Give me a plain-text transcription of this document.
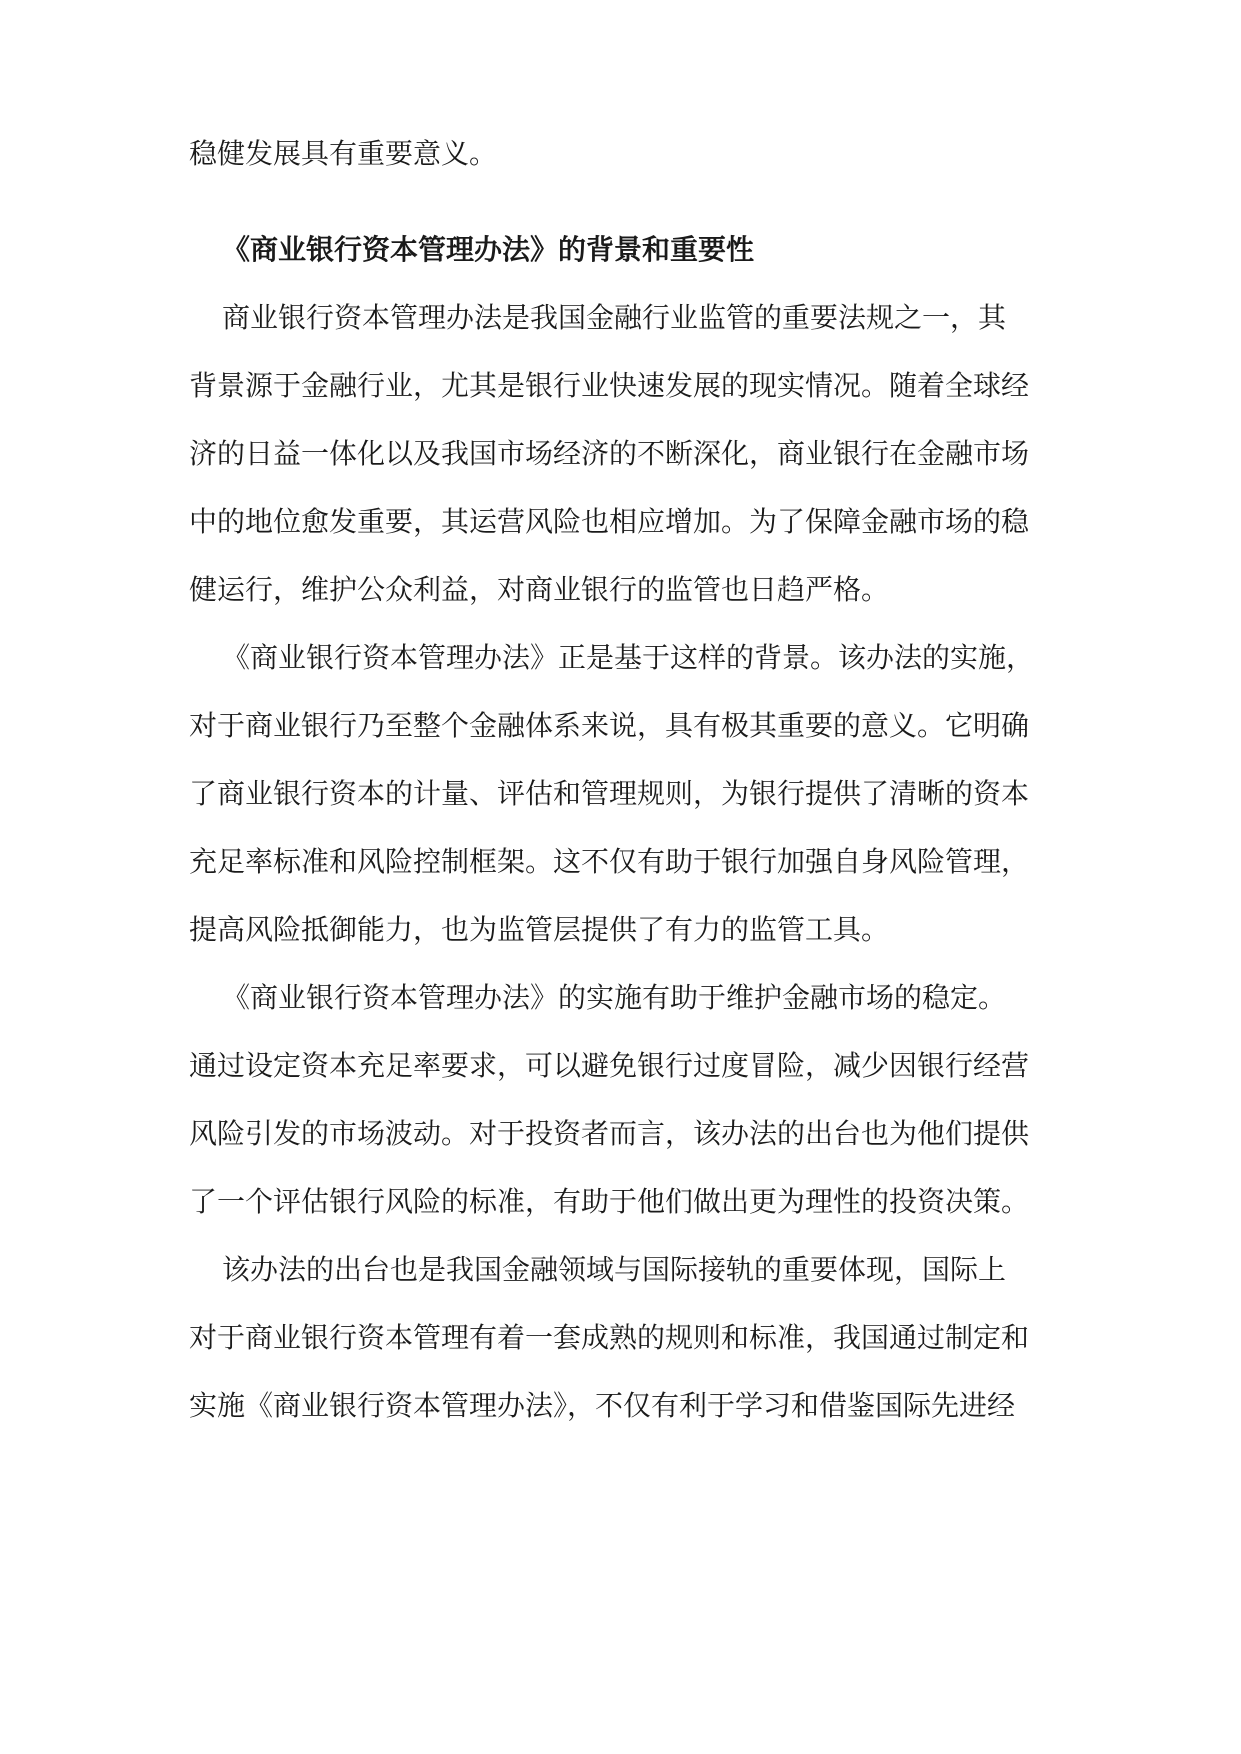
稳健发展具有重要意义。
《商业银行资本管理办法》的背景和重要性
商业银行资本管理办法是我国金融行业监管的重要法规之一，其
背景源于金融行业，尤其是银行业快速发展的现实情况。随着全球经
济的日益一体化以及我国市场经济的不断深化，商业银行在金融市场
中的地位愈发重要，其运营风险也相应增加。为了保障金融市场的稳
健运行，维护公众利益，对商业银行的监管也日趋严格。
《商业银行资本管理办法》正是基于这样的背景。该办法的实施，
对于商业银行乃至整个金融体系来说，具有极其重要的意义。它明确
了商业银行资本的计量、评估和管理规则，为银行提供了清晰的资本
充足率标准和风险控制框架。这不仅有助于银行加强自身风险管理，
提高风险抵御能力，也为监管层提供了有力的监管工具。
《商业银行资本管理办法》的实施有助于维护金融市场的稳定。
通过设定资本充足率要求，可以避免银行过度冒险，减少因银行经营
风险引发的市场波动。对于投资者而言，该办法的出台也为他们提供
了一个评估银行风险的标准，有助于他们做出更为理性的投资决策。
该办法的出台也是我国金融领域与国际接轨的重要体现，国际上
对于商业银行资本管理有着一套成熟的规则和标准，我国通过制定和
实施《商业银行资本管理办法》，不仅有利于学习和借鉴国际先进经
